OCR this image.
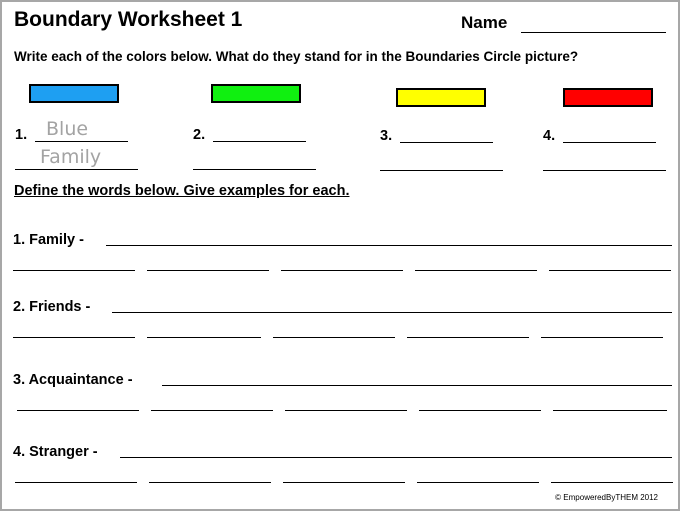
Boundary Worksheet 1	Name
Write each of the colors below. What do they stand for in the Boundaries Circle picture?
1. Blue
Family
2.	3.	4.
Define the words below. Give examples for each.
1. Family -
2. Friends -
3. Acquaintance -
4. Stranger -
© EmpoweredByTHEM 2012
